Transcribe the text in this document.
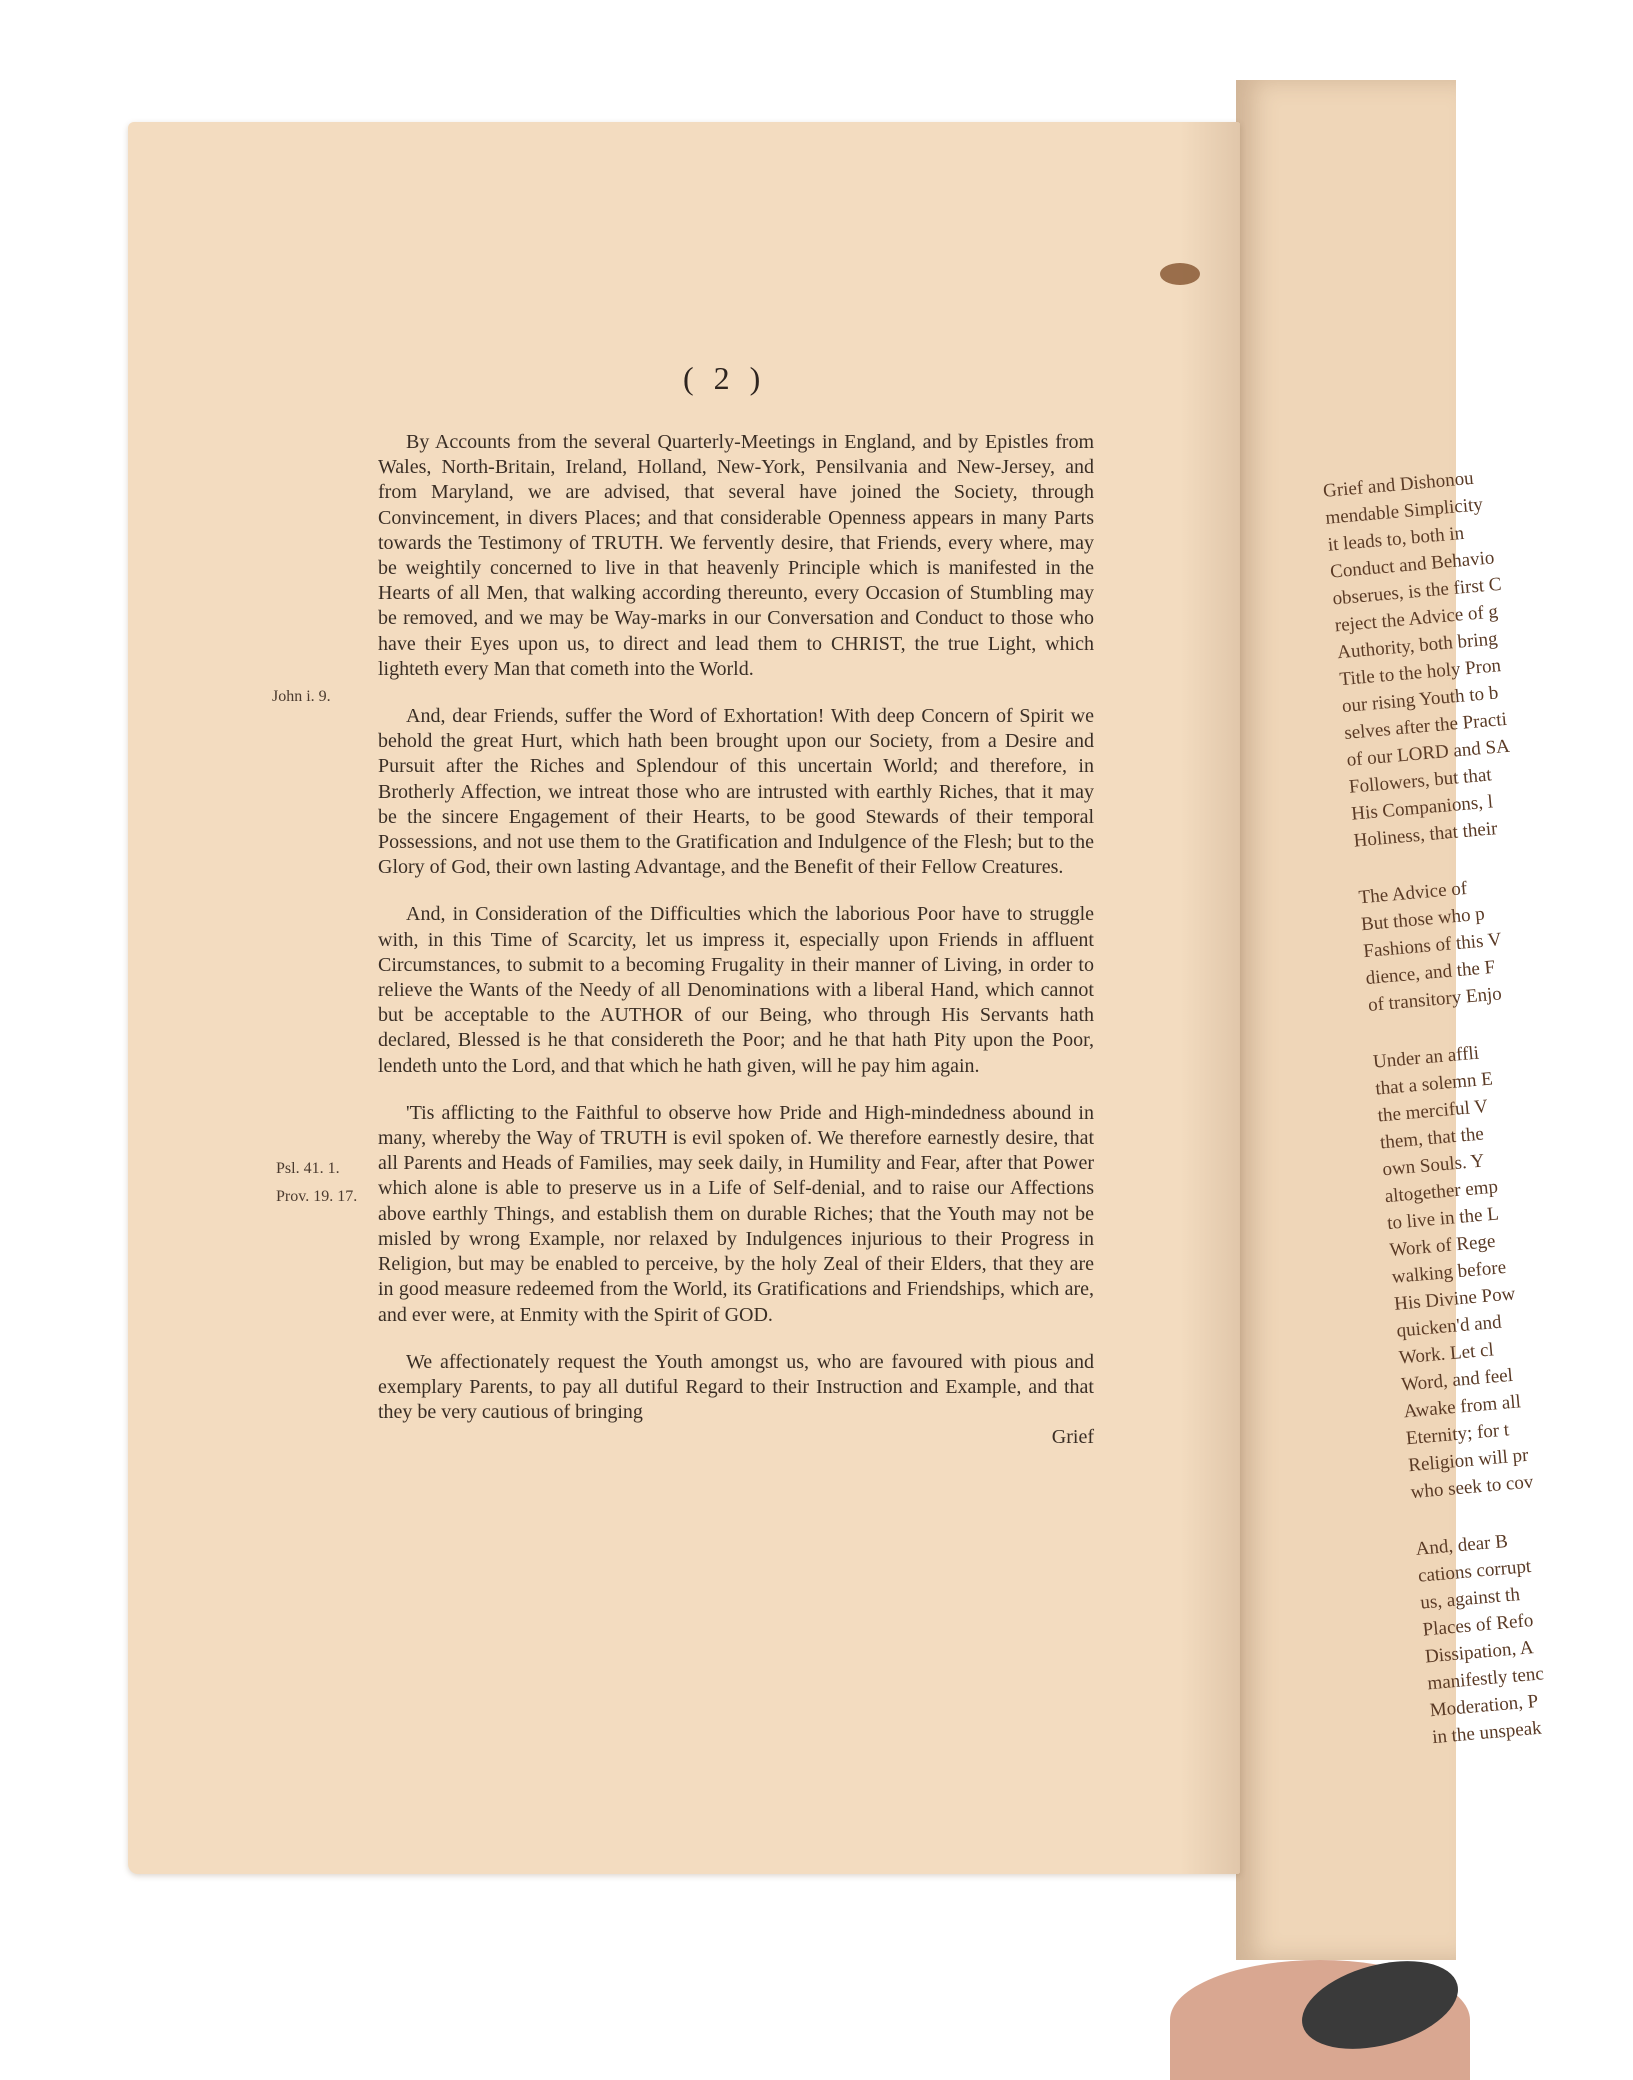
Grief and Dishonou
mendable Simplicity
it leads to, both in
Conduct and Behavio
obserues, is the first C
reject the Advice of g
Authority, both bring
Title to the holy Pron
our rising Youth to b
selves after the Practi
of our LORD and SA
Followers, but that
His Companions, l
Holiness, that their
The Advice of
But those who p
Fashions of this V
dience, and the F
of transitory Enjo
Under an affli
that a solemn E
the merciful V
them, that the
own Souls. Y
altogether emp
to live in the L
Work of Rege
walking before
His Divine Pow
quicken'd and
Work. Let cl
Word, and feel
Awake from all
Eternity; for t
Religion will pr
who seek to cov
And, dear B
cations corrupt
us, against th
Places of Refo
Dissipation, A
manifestly tenc
Moderation, P
in the unspeak
( 2 )
John i. 9.
Psl. 41. 1.
Prov. 19. 17.

By Accounts from the several Quarterly-Meetings in England, and by Epistles from Wales, North-Britain, Ireland, Holland, New-York, Pensilvania and New-Jersey, and from Maryland, we are advised, that several have joined the Society, through Convincement, in divers Places; and that considerable Openness appears in many Parts towards the Testimony of TRUTH. We fervently desire, that Friends, every where, may be weightily concerned to live in that heavenly Principle which is manifested in the Hearts of all Men, that walking according thereunto, every Occasion of Stumbling may be removed, and we may be Way-marks in our Conversation and Conduct to those who have their Eyes upon us, to direct and lead them to CHRIST, the true Light, which lighteth every Man that cometh into the World.

And, dear Friends, suffer the Word of Exhortation! With deep Concern of Spirit we behold the great Hurt, which hath been brought upon our Society, from a Desire and Pursuit after the Riches and Splendour of this uncertain World; and therefore, in Brotherly Affection, we intreat those who are intrusted with earthly Riches, that it may be the sincere Engagement of their Hearts, to be good Stewards of their temporal Possessions, and not use them to the Gratification and Indulgence of the Flesh; but to the Glory of God, their own lasting Advantage, and the Benefit of their Fellow Creatures.

And, in Consideration of the Difficulties which the laborious Poor have to struggle with, in this Time of Scarcity, let us impress it, especially upon Friends in affluent Circumstances, to submit to a becoming Frugality in their manner of Living, in order to relieve the Wants of the Needy of all Denominations with a liberal Hand, which cannot but be acceptable to the AUTHOR of our Being, who through His Servants hath declared, Blessed is he that considereth the Poor; and he that hath Pity upon the Poor, lendeth unto the Lord, and that which he hath given, will he pay him again.

'Tis afflicting to the Faithful to observe how Pride and High-mindedness abound in many, whereby the Way of TRUTH is evil spoken of. We therefore earnestly desire, that all Parents and Heads of Families, may seek daily, in Humility and Fear, after that Power which alone is able to preserve us in a Life of Self-denial, and to raise our Affections above earthly Things, and establish them on durable Riches; that the Youth may not be misled by wrong Example, nor relaxed by Indulgences injurious to their Progress in Religion, but may be enabled to perceive, by the holy Zeal of their Elders, that they are in good measure redeemed from the World, its Gratifications and Friendships, which are, and ever were, at Enmity with the Spirit of GOD.

We affectionately request the Youth amongst us, who are favoured with pious and exemplary Parents, to pay all dutiful Regard to their Instruction and Example, and that they be very cautious of bringing

Grief
